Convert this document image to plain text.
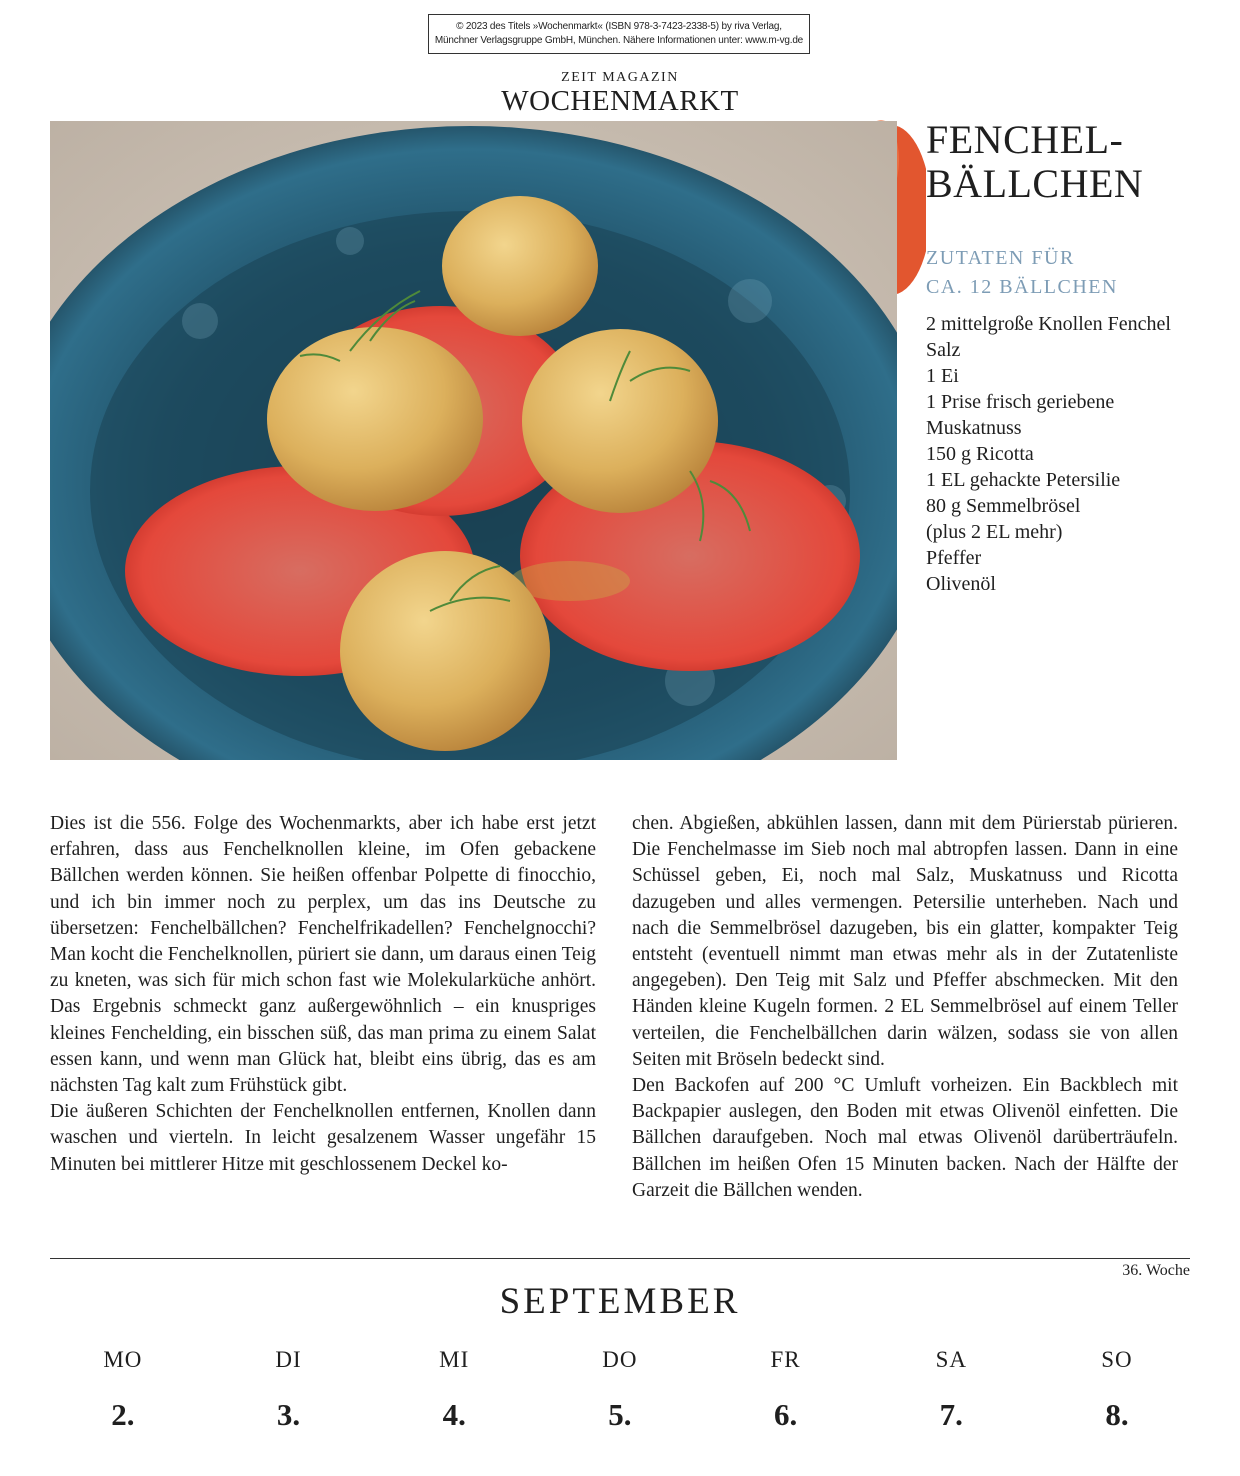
© 2023 des Titels »Wochenmarkt« (ISBN 978-3-7423-2338-5) by riva Verlag,
Münchner Verlagsgruppe GmbH, München. Nähere Informationen unter: www.m-vg.de
ZEIT MAGAZIN
WOCHENMARKT
FENCHEL-
BÄLLCHEN
ZUTATEN FÜR
CA. 12 BÄLLCHEN
2 mittelgroße Knollen Fenchel
Salz
1 Ei
1 Prise frisch geriebene
Muskatnuss
150 g Ricotta
1 EL gehackte Petersilie
80 g Semmelbrösel
(plus 2 EL mehr)
Pfeffer
Olivenöl

Dies ist die 556. Folge des Wochenmarkts, aber ich habe erst jetzt erfahren, dass aus Fenchelknollen kleine, im Ofen gebackene Bällchen werden können. Sie heißen offenbar Polpette di finocchio, und ich bin immer noch zu perplex, um das ins Deutsche zu übersetzen: Fenchelbällchen? Fenchelfrikadellen? Fenchelgnocchi? Man kocht die Fenchelknollen, püriert sie dann, um daraus einen Teig zu kneten, was sich für mich schon fast wie Molekularküche anhört. Das Ergebnis schmeckt ganz außergewöhnlich – ein knuspriges kleines Fenchelding, ein bisschen süß, das man prima zu einem Salat essen kann, und wenn man Glück hat, bleibt eins übrig, das es am nächsten Tag kalt zum Frühstück gibt.

Die äußeren Schichten der Fenchelknollen entfernen, Knollen dann waschen und vierteln. In leicht gesalzenem Wasser ungefähr 15 Minuten bei mittlerer Hitze mit geschlossenem Deckel ko-

chen. Abgießen, abkühlen lassen, dann mit dem Pürierstab pürieren. Die Fenchelmasse im Sieb noch mal abtropfen lassen. Dann in eine Schüssel geben, Ei, noch mal Salz, Muskatnuss und Ricotta dazugeben und alles vermengen. Petersilie unterheben. Nach und nach die Semmelbrösel dazugeben, bis ein glatter, kompakter Teig entsteht (eventuell nimmt man etwas mehr als in der Zutatenliste angegeben). Den Teig mit Salz und Pfeffer abschmecken. Mit den Händen kleine Kugeln formen. 2 EL Semmelbrösel auf einem Teller verteilen, die Fenchelbällchen darin wälzen, sodass sie von allen Seiten mit Bröseln bedeckt sind.

Den Backofen auf 200 °C Umluft vorheizen. Ein Backblech mit Backpapier auslegen, den Boden mit etwas Olivenöl einfetten. Die Bällchen daraufgeben. Noch mal etwas Olivenöl darüberträufeln. Bällchen im heißen Ofen 15 Minuten backen. Nach der Hälfte der Garzeit die Bällchen wenden.

36. Woche
SEPTEMBER
MO
2.
DI
3.
MI
4.
DO
5.
FR
6.
SA
7.
SO
8.
